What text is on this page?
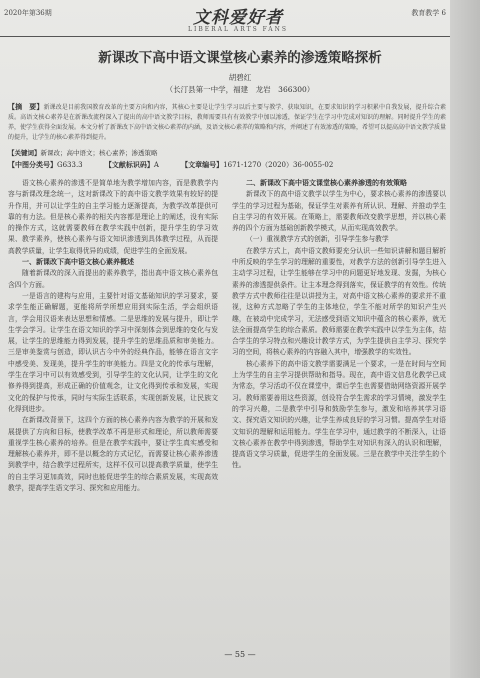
2020年第36期	文科爱好者
LIBERAL ARTS FANS
教育教学 6
新课改下高中语文课堂核心素养的渗透策略探析
胡碧红
（长汀县第一中学，福建　龙岩　366300）
【摘　要】新课改是目前我国教育改革的主要方向和内容，其核心主要是让学生学习以后主要与教学、获取知识，在要求知识的学习积累中自我发展，提升综合素质。高语文核心素养是在新课改流程深入了提出的高中语文教学目标，教师需要具有有效教学中加以渗透，保证学生在学习中完成对知识的理解。同时提升学生的素养，使学生获得全面发展。本文分析了新课改下高中语文核心素养的内涵，及语文核心素养的策略和内容，并阐述了有效渗透的策略，希望可以提高高中语文教学质量的提升，让学生的核心素养得到提升。
【关键词】新课改；高中语文；核心素养；渗透策略
【中图分类号】G633.3	【文献标识码】A	【文章编号】1671-1270（2020）36-0055-02

语文核心素养的渗透不是简单地为教学增加内容，而是教教学内容与新课改理念统一，这对新课改下的高中语文教学效果有较好的提升作用，并可以让学生的自主学习能力逐渐提高，为教学改革提供可靠的有力法。但是核心素养的相关内容都是理论上的阐述，没有实际的操作方式，这就需要教师在教学实践中创新，提升学生的学习效果、教学素养，使核心素养与语文知识渗透到具体教学过程，从而提高教学质量，让学生取得优异的成绩，促进学生的全面发展。

一、新课改下高中语文核心素养概述

随着新课改的深入而提出的素养教学，指出高中语文核心素养包含四个方面。

一是语言的建构与应用，主要针对语文基础知识的学习要求，要求学生能正确解题，更能将所学所想应用到实际生活，学会组织语言，学会用汉语来表达思想和情感。二是思维的发展与提升，即让学生学会学习。让学生在语文知识的学习中深刻体会到思维的变化与发展，让学生的思维能力得到发展，提升学生的思维品质和审美能力。三是审美鉴赏与创造，即认识古今中外的经典作品，能够在语言文字中感受美、发现美，提升学生的审美能力。四是文化的传承与理解，学生在学习中可以有效感受到，引导学生的文化认同，让学生的文化修养得到提高，形成正确的价值观念，让文化得到传承和发展，实现文化的保护与传承，同时与实际生活联系，实现创新发展，让民族文化得到进步。

在新课改背景下，这四个方面的核心素养内容为教学的开展和发展提供了方向和目标，使教学改革不再是形式和理论，所以教师需要重视学生核心素养的培养。但是在教学实践中，要让学生真实感受和理解核心素养并，即不是以概念的方式记忆，而需要让核心素养渗透到教学中，结合教学过程所实，这样不仅可以提高教学质量，使学生的自主学习更加高效，同时也能促进学生的综合素质发展，实现高效教学，提高学生语文学习、探究和应用能力。

二、新课改下高中语文课堂核心素养渗透的有效策略

新课改下的高中语文教学以学生为中心，要求核心素养的渗透要以学生的学习过程为基础，保证学生对素养有所认识、理解、并推动学生自主学习的有效开展。在策略上，需要教师改变教学思想，并以核心素养的四个方面为基础创新教学模式，从而实现高效教学。

（一）重视教学方式的创新，引导学生参与教学

在教学方式上，高中语文教师要充分认识一些知识讲解和题目解析中所反映的学生学习的理解的重要性，对教学方法的创新引导学生进入主动学习过程，让学生能够在学习中的问题更好地发现、发掘，为核心素养的渗透提供条件。让主本理念得到落实，保证教学的有效性。传统教学方式中教师往往是以讲授为主，对高中语文核心素养的要求并不重视，这种方式忽略了学生的主体地位，学生不能对所学的知识产生兴趣，在被动中完成学习，无法感受到语文知识中蕴含的核心素养，就无法全面提高学生的综合素质。教师需要在教学实践中以学生为主体，结合学生的学习特点和兴趣设计教学方式，为学生提供自主学习、探究学习的空间，将核心素养的内容融入其中，增强教学的实效性。

核心素养下的高中语文教学需要满足一个要求，一是在时间与空间上为学生的自主学习提供帮助和指导。现在，高中语文信息化教学已成为常态，学习活动不仅在课堂中，课后学生也需要借助网络资源开展学习。教师需要善用这些资源，创设符合学生需求的学习情境，激发学生的学习兴趣，二是教学中引导和鼓励学生参与，激发和培养其学习语文、探究语文知识的兴趣，让学生养成良好的学习习惯。提高学生对语文知识的理解和运用能力。学生在学习中，通过教学的不断深入，让语文核心素养在教学中得到渗透，帮助学生对知识有深入的认识和理解，提高语文学习质量，促进学生的全面发展。三是在教学中关注学生的个性。

— 55 —
